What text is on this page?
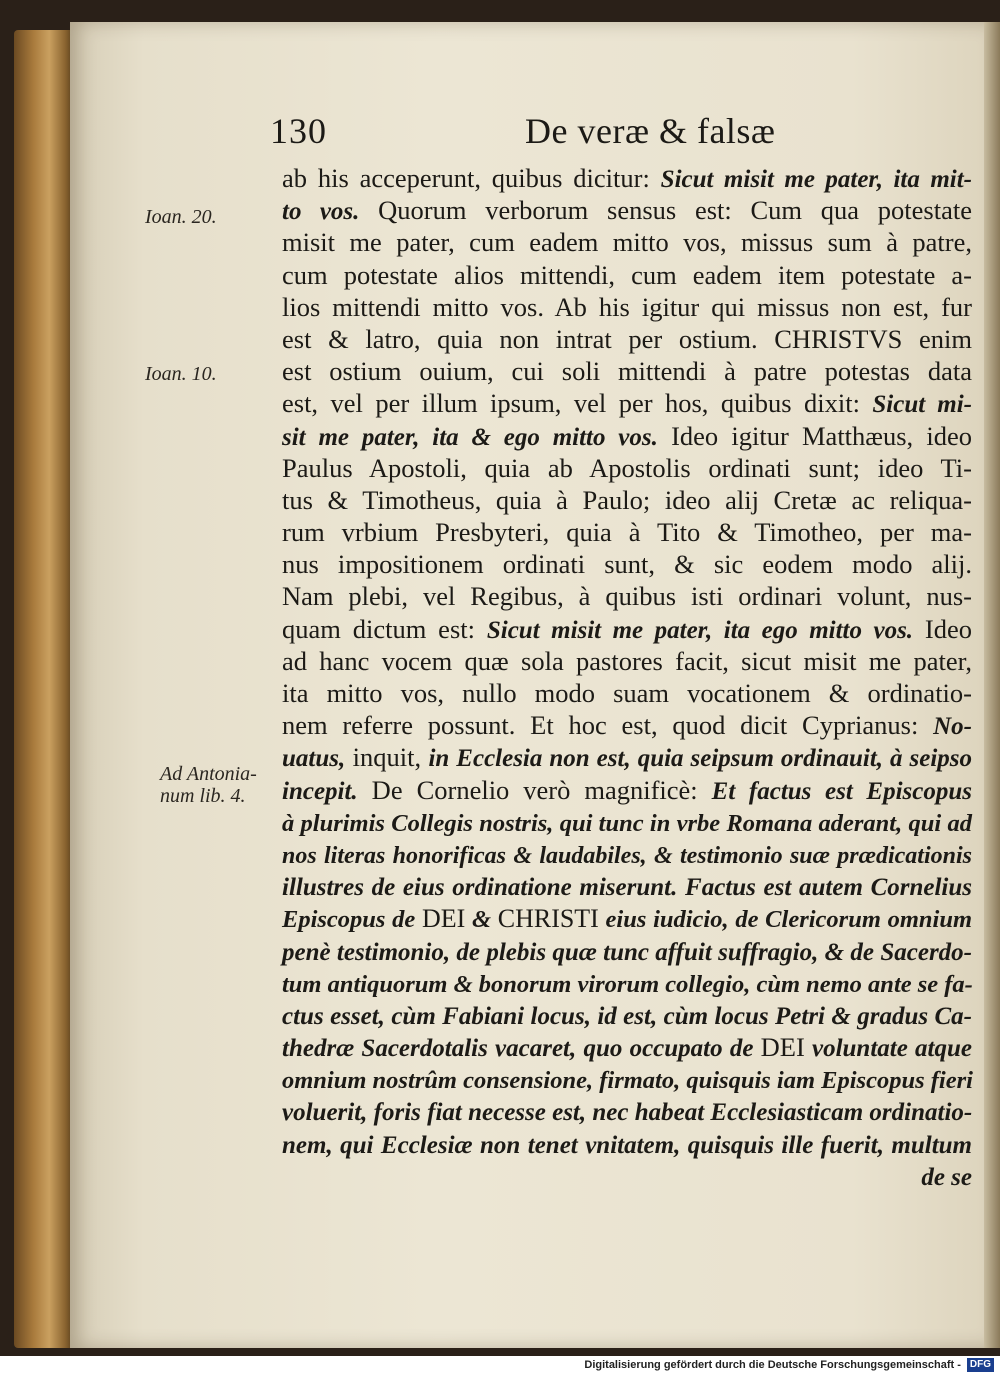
130	De veræ & falsæ
Ioan. 20.
Ioan. 10.
Ad Antonia-
num lib. 4.
ab his acceperunt, quibus dicitur: Sicut misit me pater, ita mit-
to vos. Quorum verborum sensus est: Cum qua potestate
misit me pater, cum eadem mitto vos, missus sum à patre,
cum potestate alios mittendi, cum eadem item potestate a-
lios mittendi mitto vos. Ab his igitur qui missus non est, fur
est & latro, quia non intrat per ostium. CHRISTVS enim
est ostium ouium, cui soli mittendi à patre potestas data
est, vel per illum ipsum, vel per hos, quibus dixit: Sicut mi-
sit me pater, ita & ego mitto vos. Ideo igitur Matthæus, ideo
Paulus Apostoli, quia ab Apostolis ordinati sunt; ideo Ti-
tus & Timotheus, quia à Paulo; ideo alij Cretæ ac reliqua-
rum vrbium Presbyteri, quia à Tito & Timotheo, per ma-
nus impositionem ordinati sunt, & sic eodem modo alij.
Nam plebi, vel Regibus, à quibus isti ordinari volunt, nus-
quam dictum est: Sicut misit me pater, ita ego mitto vos. Ideo
ad hanc vocem quæ sola pastores facit, sicut misit me pater,
ita mitto vos, nullo modo suam vocationem & ordinatio-
nem referre possunt. Et hoc est, quod dicit Cyprianus: No-
uatus, inquit, in Ecclesia non est, quia seipsum ordinauit, à seipso
incepit. De Cornelio verò magnificè: Et factus est Episcopus
à plurimis Collegis nostris, qui tunc in vrbe Romana aderant, qui ad
nos literas honorificas & laudabiles, & testimonio suæ prædicationis
illustres de eius ordinatione miserunt. Factus est autem Cornelius
Episcopus de DEI & CHRISTI eius iudicio, de Clericorum omnium
penè testimonio, de plebis quæ tunc affuit suffragio, & de Sacerdo-
tum antiquorum & bonorum virorum collegio, cùm nemo ante se fa-
ctus esset, cùm Fabiani locus, id est, cùm locus Petri & gradus Ca-
thedræ Sacerdotalis vacaret, quo occupato de DEI voluntate atque
omnium nostrûm consensione, firmato, quisquis iam Episcopus fieri
voluerit, foris fiat necesse est, nec habeat Ecclesiasticam ordinatio-
nem, qui Ecclesiæ non tenet vnitatem, quisquis ille fuerit, multum
de se
Digitalisierung gefördert durch die Deutsche Forschungsgemeinschaft - DFG
